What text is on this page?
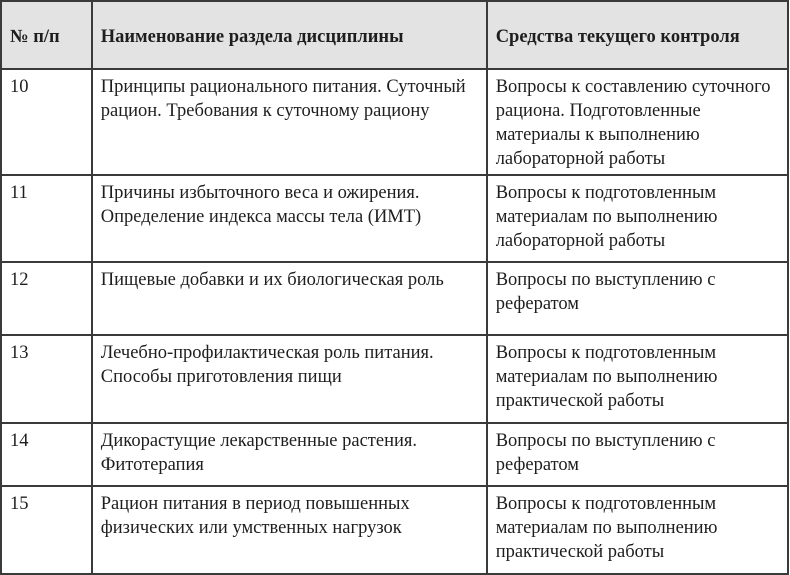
№ п/п	Наименование раздела дисциплины	Средства текущего контроля
10	Принципы рационального питания. Суточный рацион. Требования к суточному рациону	Вопросы к составлению суточного рациона. Подготовленные материалы к выполнению лабораторной работы
11	Причины избыточного веса и ожирения. Определение индекса массы тела (ИМТ)	Вопросы к подготовленным материалам по выполнению лабораторной работы
12	Пищевые добавки и их биологическая роль	Вопросы по выступлению с рефератом
13	Лечебно-профилактическая роль питания. Способы приготовления пищи	Вопросы к подготовленным материалам по выполнению практической работы
14	Дикорастущие лекарственные растения. Фитотерапия	Вопросы по выступлению с рефератом
15	Рацион питания в период повышенных физических или умственных нагрузок	Вопросы к подготовленным материалам по выполнению практической работы
